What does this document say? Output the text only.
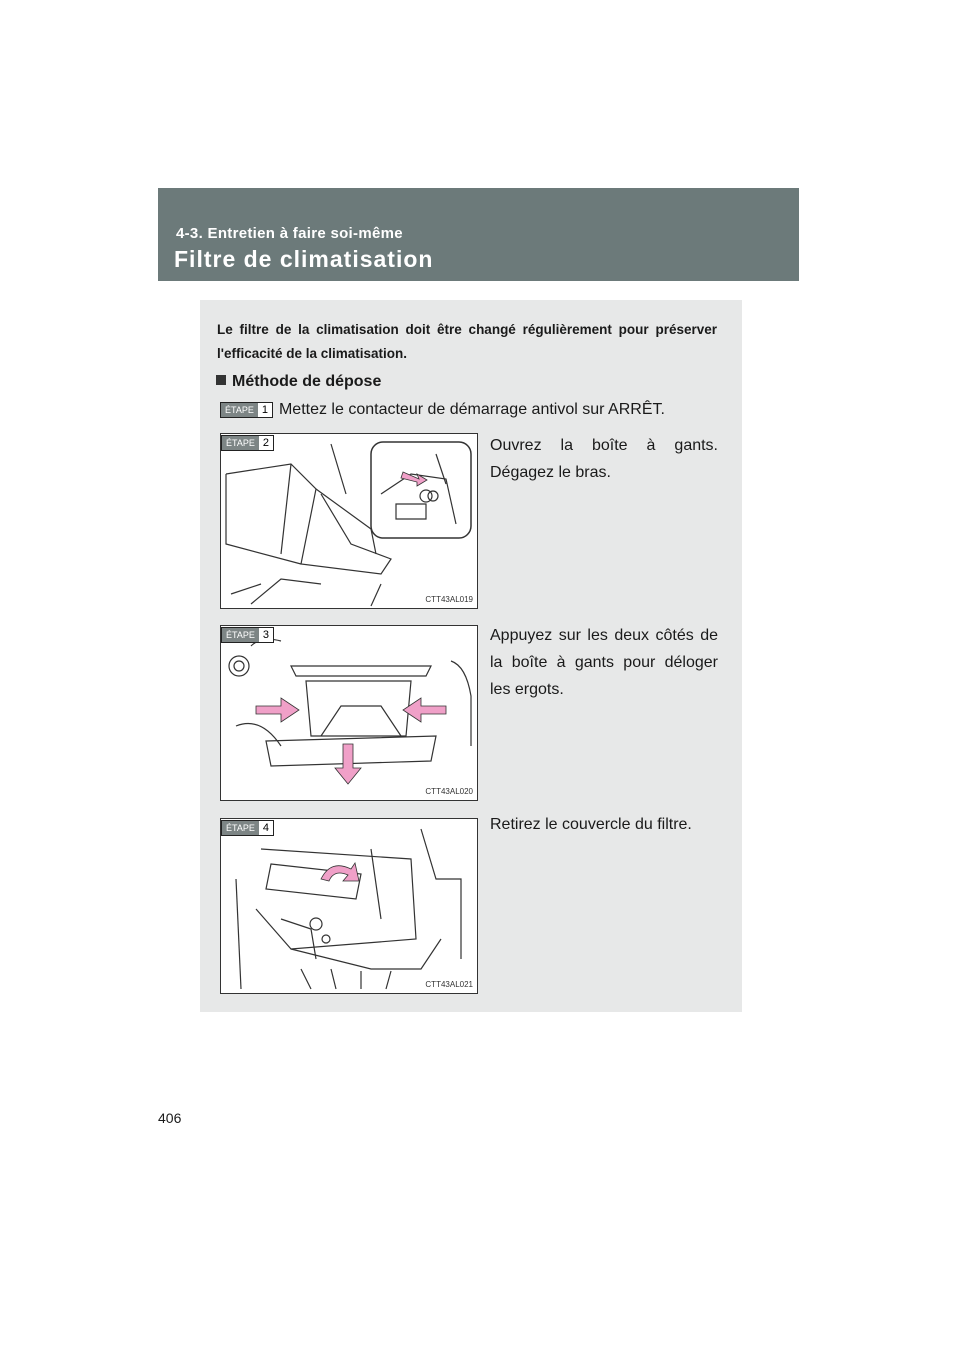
4-3. Entretien à faire soi-même
Filtre de climatisation
Le filtre de la climatisation doit être changé régulièrement pour préserver l'efficacité de la climatisation.
Méthode de dépose
ÉTAPE 1 Mettez le contacteur de démarrage antivol sur ARRÊT.
ÉTAPE 2
CTT43AL019
Ouvrez la boîte à gants. Dégagez le bras.
ÉTAPE 3
CTT43AL020
Appuyez sur les deux côtés de la boîte à gants pour déloger les ergots.
ÉTAPE 4
CTT43AL021
Retirez le couvercle du filtre.
406
